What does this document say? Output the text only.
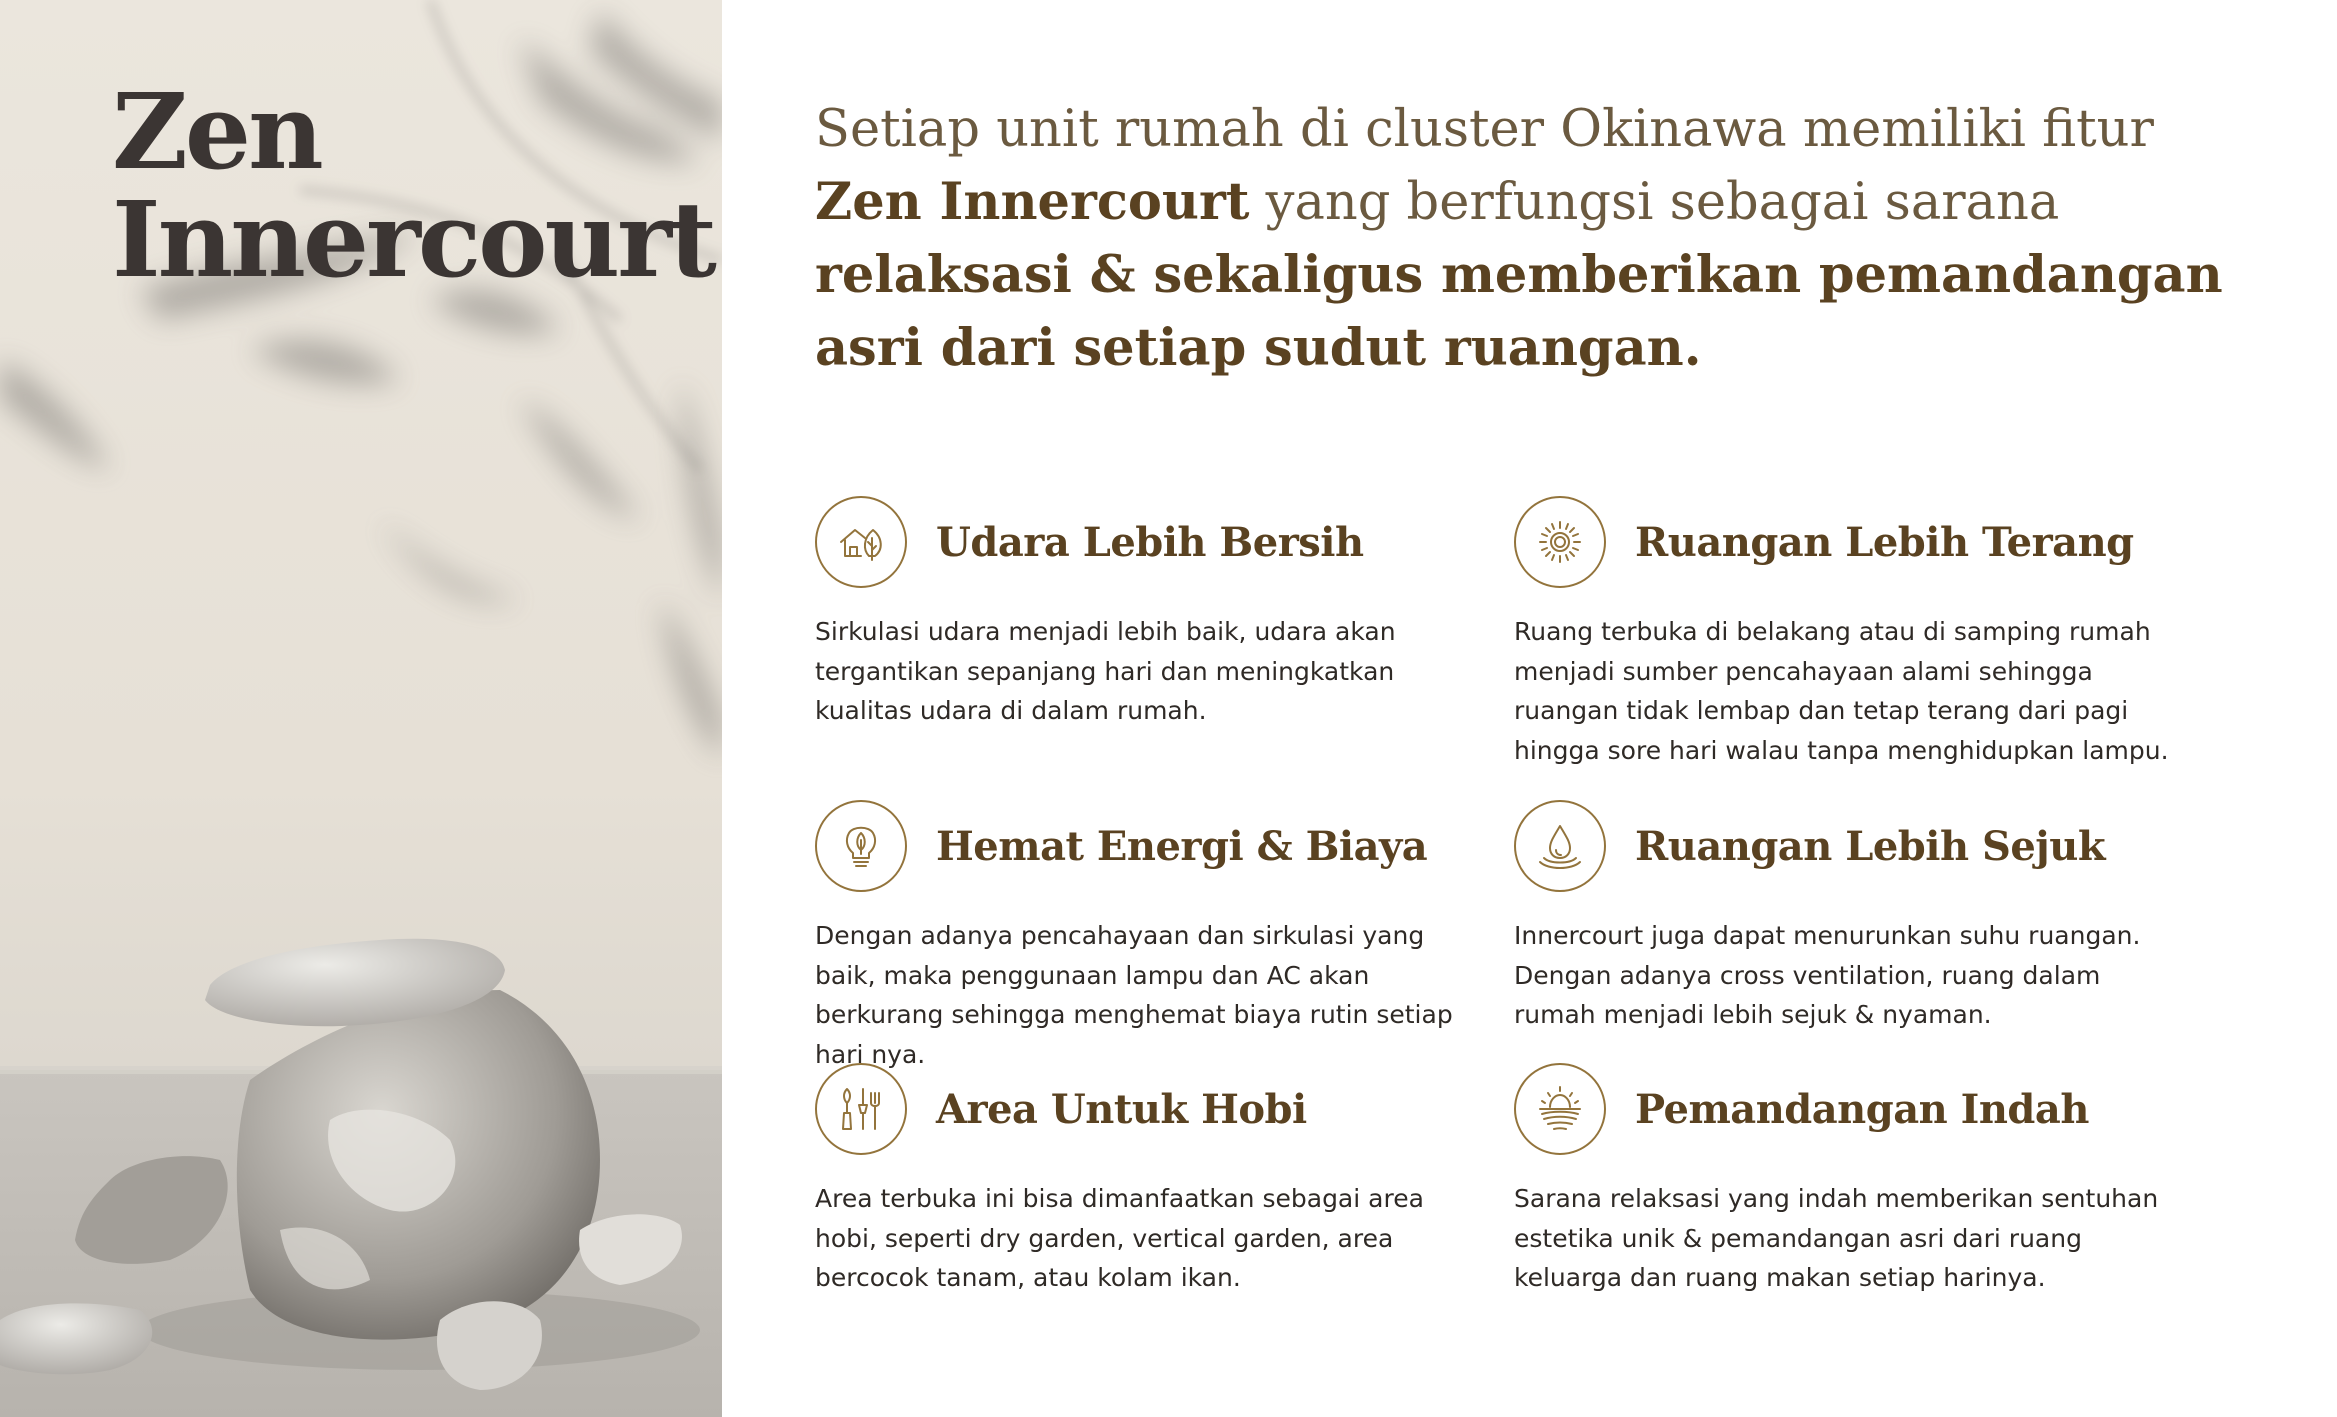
Zen
Innercourt
Setiap unit rumah di cluster Okinawa memiliki fitur
Zen Innercourt yang berfungsi sebagai sarana
relaksasi & sekaligus memberikan pemandangan asri dari setiap sudut ruangan.
Udara Lebih Bersih

Sirkulasi udara menjadi lebih baik, udara akan tergantikan sepanjang hari dan meningkatkan kualitas udara di dalam rumah.

Ruangan Lebih Terang

Ruang terbuka di belakang atau di samping rumah menjadi sumber pencahayaan alami sehingga ruangan tidak lembap dan tetap terang dari pagi hingga sore hari walau tanpa menghidupkan lampu.

Hemat Energi & Biaya

Dengan adanya pencahayaan dan sirkulasi yang baik, maka penggunaan lampu dan AC akan berkurang sehingga menghemat biaya rutin setiap hari nya.

Ruangan Lebih Sejuk

Innercourt juga dapat menurunkan suhu ruangan. Dengan adanya cross ventilation, ruang dalam rumah menjadi lebih sejuk & nyaman.

Area Untuk Hobi

Area terbuka ini bisa dimanfaatkan sebagai area hobi, seperti dry garden, vertical garden, area bercocok tanam, atau kolam ikan.

Pemandangan Indah

Sarana relaksasi yang indah memberikan sentuhan estetika unik & pemandangan asri dari ruang keluarga dan ruang makan setiap harinya.
